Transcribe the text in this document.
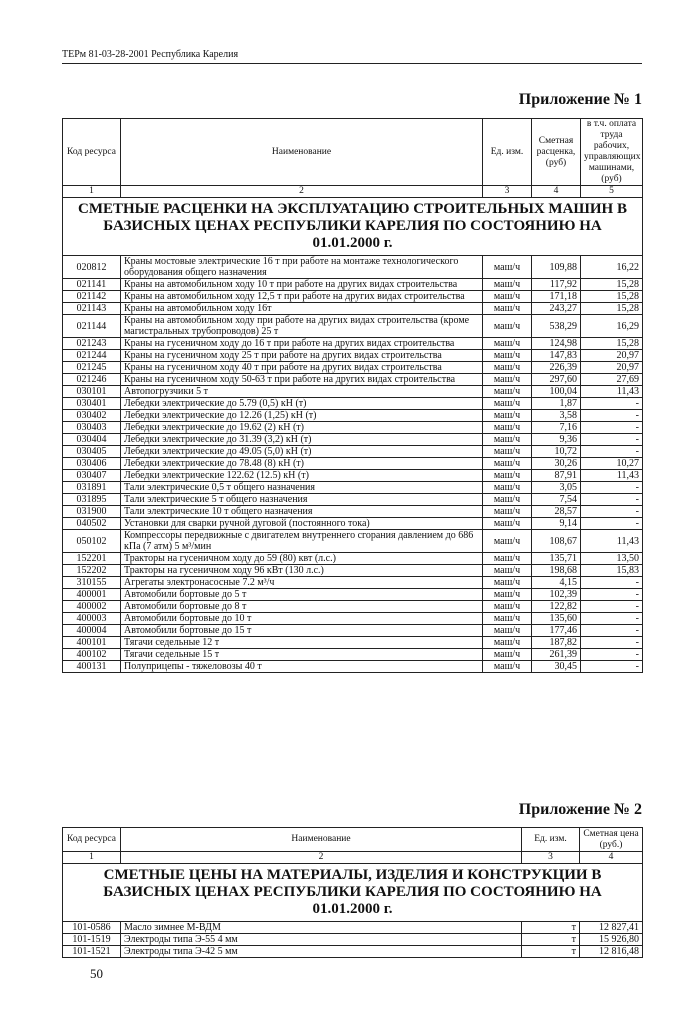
ТЕРм 81-03-28-2001 Республика Карелия
Приложение № 1
Код ресурса	Наименование	Ед. изм.	Сметная расценка, (руб)	в т.ч. оплата труда рабочих, управляющих машинами, (руб)
1	2	3	4	5
СМЕТНЫЕ РАСЦЕНКИ НА ЭКСПЛУАТАЦИЮ СТРОИТЕЛЬНЫХ МАШИН В БАЗИСНЫХ ЦЕНАХ РЕСПУБЛИКИ КАРЕЛИЯ ПО СОСТОЯНИЮ НА 01.01.2000 г.				
020812	Краны мостовые электрические 16 т при работе на монтаже технологического оборудования общего назначения	маш/ч	109,88	16,22
021141	Краны на автомобильном ходу 10 т при работе на других видах строительства	маш/ч	117,92	15,28
021142	Краны на автомобильном ходу 12,5 т при работе на других видах строительства	маш/ч	171,18	15,28
021143	Краны на автомобильном ходу 16т	маш/ч	243,27	15,28
021144	Краны на автомобильном ходу при работе на других видах строительства (кроме магистральных трубопроводов) 25 т	маш/ч	538,29	16,29
021243	Краны на гусеничном ходу до 16 т при работе на других видах строительства	маш/ч	124,98	15,28
021244	Краны на гусеничном ходу 25 т при работе на других видах строительства	маш/ч	147,83	20,97
021245	Краны на гусеничном ходу 40 т при работе на других видах строительства	маш/ч	226,39	20,97
021246	Краны на гусеничном ходу 50-63 т при работе на других видах строительства	маш/ч	297,60	27,69
030101	Автопогрузчики 5 т	маш/ч	100,04	11,43
030401	Лебедки электрические до 5.79 (0,5) кН (т)	маш/ч	1,87	-
030402	Лебедки электрические до 12.26 (1,25) кН (т)	маш/ч	3,58	-
030403	Лебедки электрические до 19.62 (2) кН (т)	маш/ч	7,16	-
030404	Лебедки электрические до 31.39 (3,2) кН (т)	маш/ч	9,36	-
030405	Лебедки электрические до 49.05 (5,0) кН (т)	маш/ч	10,72	-
030406	Лебедки электрические до 78.48 (8) кН (т)	маш/ч	30,26	10,27
030407	Лебедки электрические 122.62 (12.5) кН (т)	маш/ч	87,91	11,43
031891	Тали электрические 0,5 т общего назначения	маш/ч	3,05	-
031895	Тали электрические 5 т общего назначения	маш/ч	7,54	-
031900	Тали электрические 10 т общего назначения	маш/ч	28,57	-
040502	Установки для сварки ручной дуговой (постоянного тока)	маш/ч	9,14	-
050102	Компрессоры передвижные с двигателем внутреннего сгорания давлением до 686 кПа (7 атм) 5 м³/мин	маш/ч	108,67	11,43
152201	Тракторы на гусеничном ходу до 59 (80) квт (л.с.)	маш/ч	135,71	13,50
152202	Тракторы на гусеничном ходу 96 кВт (130 л.с.)	маш/ч	198,68	15,83
310155	Агрегаты электронасосные 7.2 м³/ч	маш/ч	4,15	-
400001	Автомобили бортовые до 5 т	маш/ч	102,39	-
400002	Автомобили бортовые до 8 т	маш/ч	122,82	-
400003	Автомобили бортовые до 10 т	маш/ч	135,60	-
400004	Автомобили бортовые до 15 т	маш/ч	177,46	-
400101	Тягачи седельные 12 т	маш/ч	187,82	-
400102	Тягачи седельные 15 т	маш/ч	261,39	-
400131	Полуприцепы - тяжеловозы 40 т	маш/ч	30,45	-
Приложение № 2
Код ресурса	Наименование	Ед. изм.	Сметная цена (руб.)
1	2	3	4
СМЕТНЫЕ ЦЕНЫ НА МАТЕРИАЛЫ, ИЗДЕЛИЯ И КОНСТРУКЦИИ В БАЗИСНЫХ ЦЕНАХ РЕСПУБЛИКИ КАРЕЛИЯ ПО СОСТОЯНИЮ НА 01.01.2000 г.			
101-0586	Масло зимнее М-ВДМ	т	12 827,41
101-1519	Электроды типа Э-55 4 мм	т	15 926,80
101-1521	Электроды типа Э-42 5 мм	т	12 816,48
50
